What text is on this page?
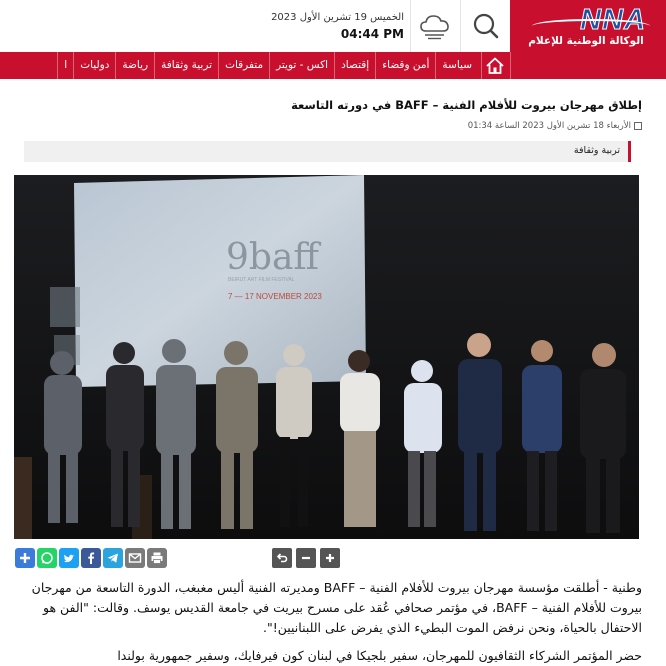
NNA
الوكالة الوطنية للإعلام
الخميس 19 تشرين الأول 2023
04:44 PM
سياسة
أمن وقضاء
إقتصاد
اكس - تويتر
متفرقات
تربية وثقافة
رياضة
دوليات
ا
إطلاق مهرجان بيروت للأفلام الفنية – BAFF في دورته التاسعة
الأربعاء 18 تشرين الأول 2023 الساعة 01:34
تربية وثقافة
9baff
BEIRUT ART FILM FESTIVAL
7 — 17 NOVEMBER 2023

وطنية - أطلقت مؤسسة مهرجان بيروت للأفلام الفنية – BAFF ومديرته الفنية أليس مغبغب، الدورة التاسعة من مهرجان بيروت للأفلام الفنية – BAFF، في مؤتمر صحافي عُقد على مسرح بيريت في جامعة القديس يوسف. وقالت: "الفن هو الاحتفال بالحياة، ونحن نرفض الموت البطيء الذي يفرض على اللبنانيين!".

حضر المؤتمر الشركاء الثقافيون للمهرجان، سفير بلجيكا في لبنان كون فيرفايك، وسفير جمهورية بولندا
